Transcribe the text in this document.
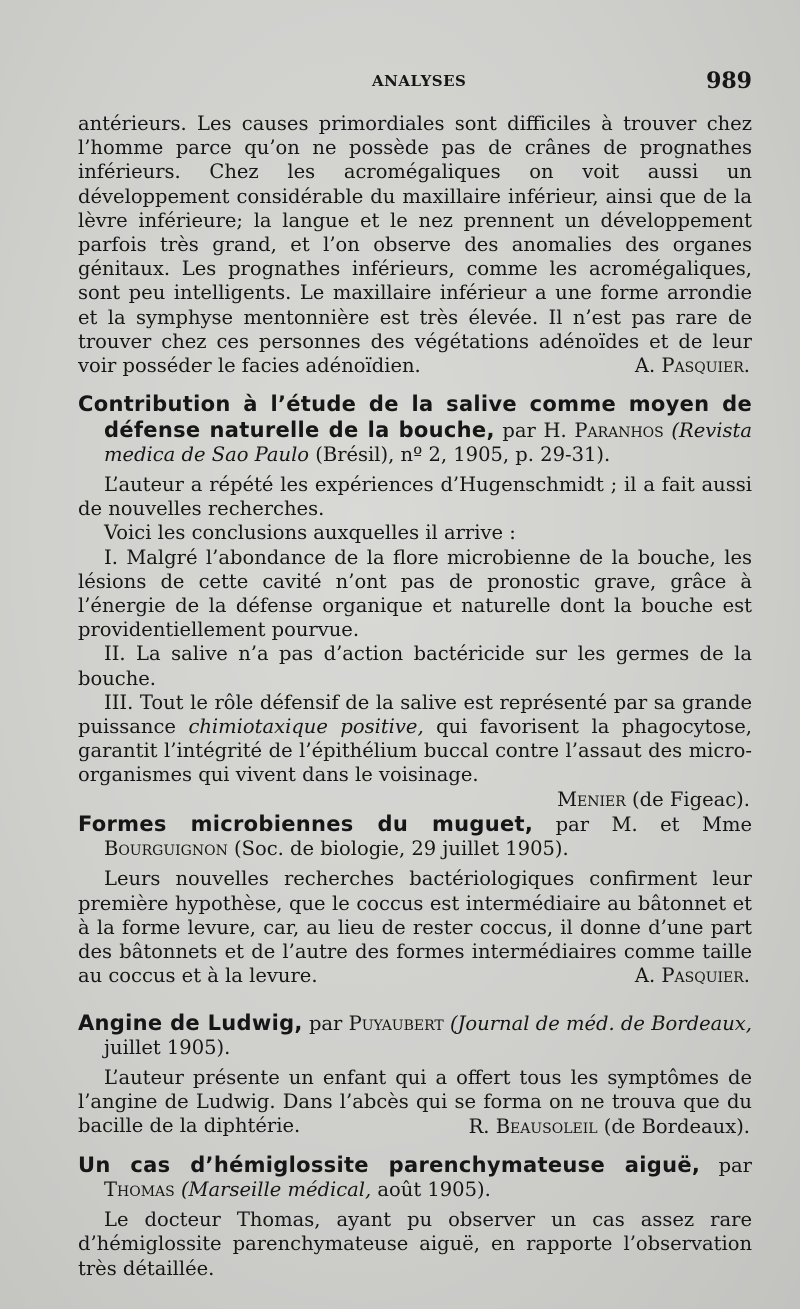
ANALYSES	989

antérieurs. Les causes primordiales sont difficiles à trouver chez l’homme parce qu’on ne possède pas de crânes de prognathes inférieurs. Chez les acromégaliques on voit aussi un développement considérable du maxillaire inférieur, ainsi que de la lèvre inférieure; la langue et le nez prennent un développement parfois très grand, et l’on observe des anomalies des organes génitaux. Les prognathes inférieurs, comme les acromégaliques, sont peu intelligents. Le maxillaire inférieur a une forme arrondie et la symphyse mentonnière est très élevée. Il n’est pas rare de trouver chez ces personnes des végétations adénoïdes et de leur voir posséder le facies adénoïdien.	A. Pasquier.

Contribution à l’étude de la salive comme moyen de défense naturelle de la bouche, par H. Paranhos (Revista medica de Sao Paulo (Brésil), nº 2, 1905, p. 29-31).

L’auteur a répété les expériences d’Hugenschmidt ; il a fait aussi de nouvelles recherches.

Voici les conclusions auxquelles il arrive :

I. Malgré l’abondance de la flore microbienne de la bouche, les lésions de cette cavité n’ont pas de pronostic grave, grâce à l’énergie de la défense organique et naturelle dont la bouche est providentiellement pourvue.

II. La salive n’a pas d’action bactéricide sur les germes de la bouche.

III. Tout le rôle défensif de la salive est représenté par sa grande puissance chimiotaxique positive, qui favorisent la phagocytose, garantit l’intégrité de l’épithélium buccal contre l’assaut des micro-organismes qui vivent dans le voisinage.

Menier (de Figeac).

Formes microbiennes du muguet, par M. et Mme Bourguignon (Soc. de biologie, 29 juillet 1905).

Leurs nouvelles recherches bactériologiques confirment leur première hypothèse, que le coccus est intermédiaire au bâtonnet et à la forme levure, car, au lieu de rester coccus, il donne d’une part des bâtonnets et de l’autre des formes intermédiaires comme taille au coccus et à la levure.	A. Pasquier.

Angine de Ludwig, par Puyaubert (Journal de méd. de Bordeaux, juillet 1905).

L’auteur présente un enfant qui a offert tous les symptômes de l’angine de Ludwig. Dans l’abcès qui se forma on ne trouva que du bacille de la diphtérie.	R. Beausoleil (de Bordeaux).

Un cas d’hémiglossite parenchymateuse aiguë, par Thomas (Marseille médical, août 1905).

Le docteur Thomas, ayant pu observer un cas assez rare d’hémiglossite parenchymateuse aiguë, en rapporte l’observation très détaillée.
